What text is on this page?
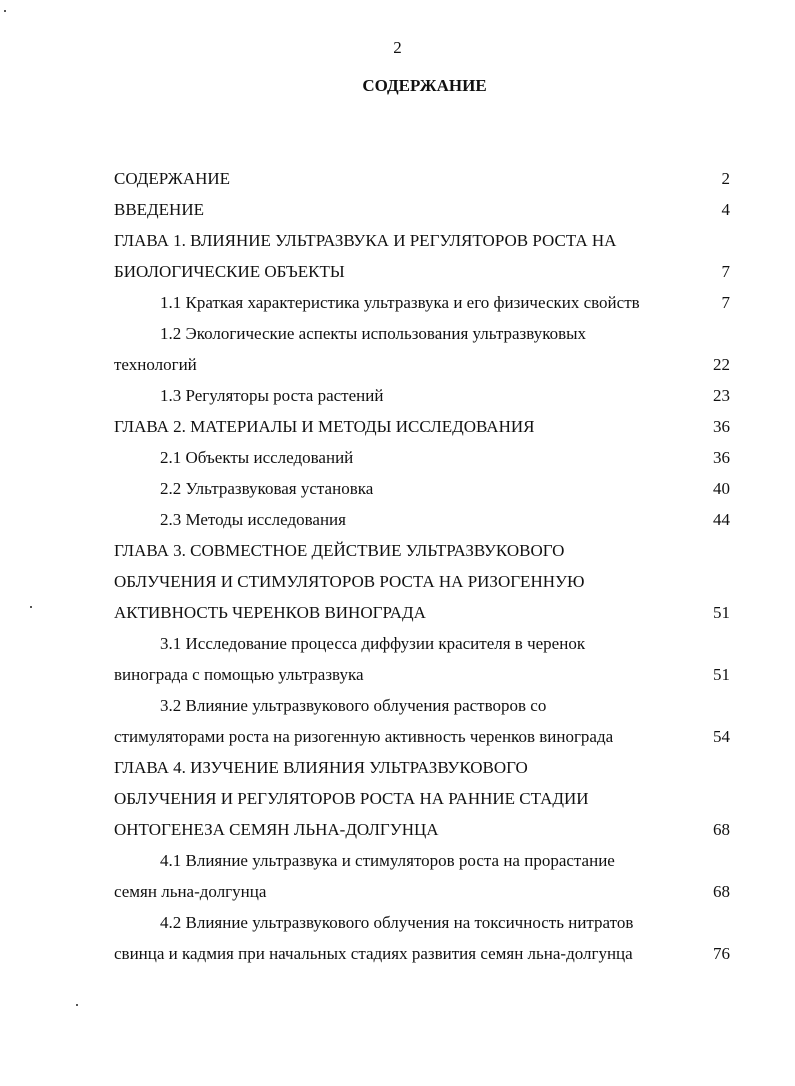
2
СОДЕРЖАНИЕ
СОДЕРЖАНИЕ	2
ВВЕДЕНИЕ	4
ГЛАВА 1. ВЛИЯНИЕ УЛЬТРАЗВУКА И РЕГУЛЯТОРОВ РОСТА НА
БИОЛОГИЧЕСКИЕ ОБЪЕКТЫ	7
1.1 Краткая характеристика ультразвука и его физических свойств	7
1.2 Экологические аспекты использования ультразвуковых
технологий	22
1.3 Регуляторы роста растений	23
ГЛАВА 2. МАТЕРИАЛЫ И МЕТОДЫ ИССЛЕДОВАНИЯ	36
2.1 Объекты исследований	36
2.2 Ультразвуковая установка	40
2.3 Методы исследования	44
ГЛАВА 3. СОВМЕСТНОЕ ДЕЙСТВИЕ УЛЬТРАЗВУКОВОГО
ОБЛУЧЕНИЯ И СТИМУЛЯТОРОВ РОСТА НА РИЗОГЕННУЮ
АКТИВНОСТЬ ЧЕРЕНКОВ ВИНОГРАДА	51
3.1 Исследование процесса диффузии красителя в черенок
винограда с помощью ультразвука	51
3.2 Влияние ультразвукового облучения растворов со
стимуляторами роста на ризогенную активность черенков винограда	54
ГЛАВА 4. ИЗУЧЕНИЕ ВЛИЯНИЯ УЛЬТРАЗВУКОВОГО
ОБЛУЧЕНИЯ И РЕГУЛЯТОРОВ РОСТА НА РАННИЕ СТАДИИ
ОНТОГЕНЕЗА СЕМЯН ЛЬНА-ДОЛГУНЦА	68
4.1 Влияние ультразвука и стимуляторов роста на прорастание
семян льна-долгунца	68
4.2 Влияние ультразвукового облучения на токсичность нитратов
свинца и кадмия при начальных стадиях развития семян льна-долгунца	76
